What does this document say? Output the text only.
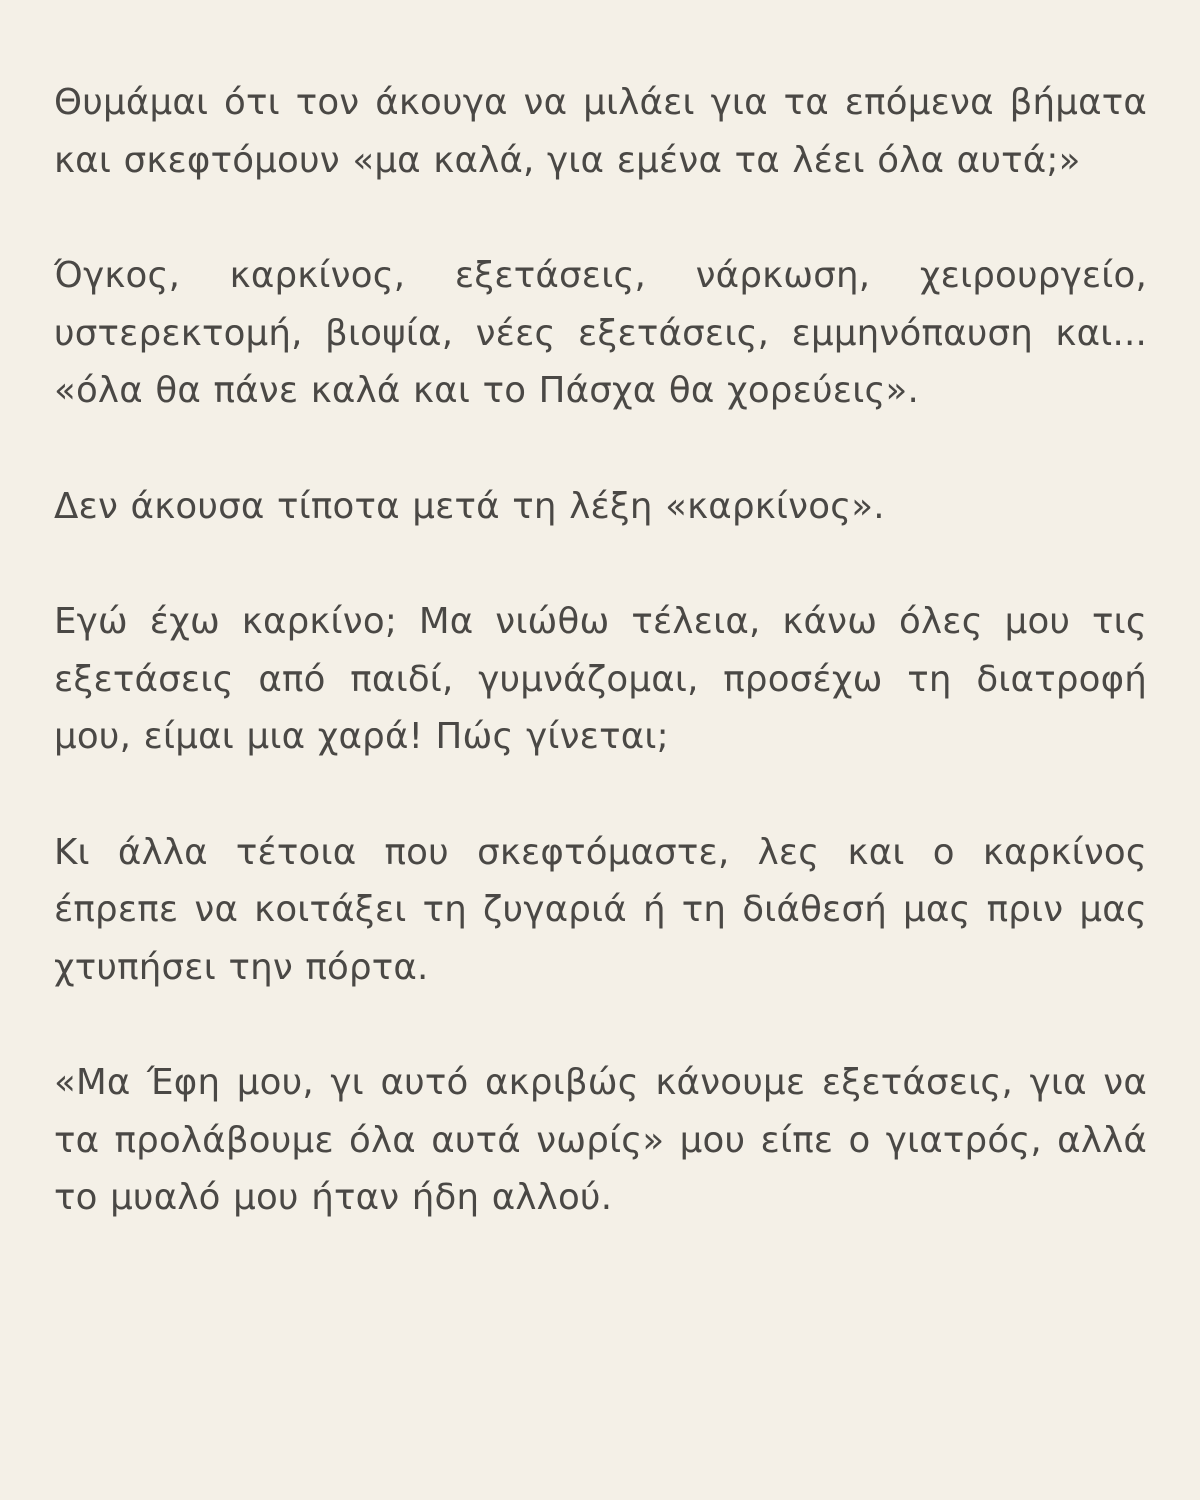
Θυμάμαι ότι τον άκουγα να μιλάει για τα επόμενα βήματα και σκεφτόμουν «μα καλά, για εμένα τα λέει όλα αυτά;»

Όγκος, καρκίνος, εξετάσεις, νάρκωση, χειρουργείο, υστερεκτομή, βιοψία, νέες εξετάσεις, εμμηνόπαυση και... «όλα θα πάνε καλά και το Πάσχα θα χορεύεις».

Δεν άκουσα τίποτα μετά τη λέξη «καρκίνος».

Εγώ έχω καρκίνο; Μα νιώθω τέλεια, κάνω όλες μου τις εξετάσεις από παιδί, γυμνάζομαι, προσέχω τη διατροφή μου, είμαι μια χαρά! Πώς γίνεται;

Κι άλλα τέτοια που σκεφτόμαστε, λες και ο καρκίνος έπρεπε να κοιτάξει τη ζυγαριά ή τη διάθεσή μας πριν μας χτυπήσει την πόρτα.

«Μα Έφη μου, γι αυτό ακριβώς κάνουμε εξετάσεις, για να τα προλάβουμε όλα αυτά νωρίς» μου είπε ο γιατρός, αλλά το μυαλό μου ήταν ήδη αλλού.
